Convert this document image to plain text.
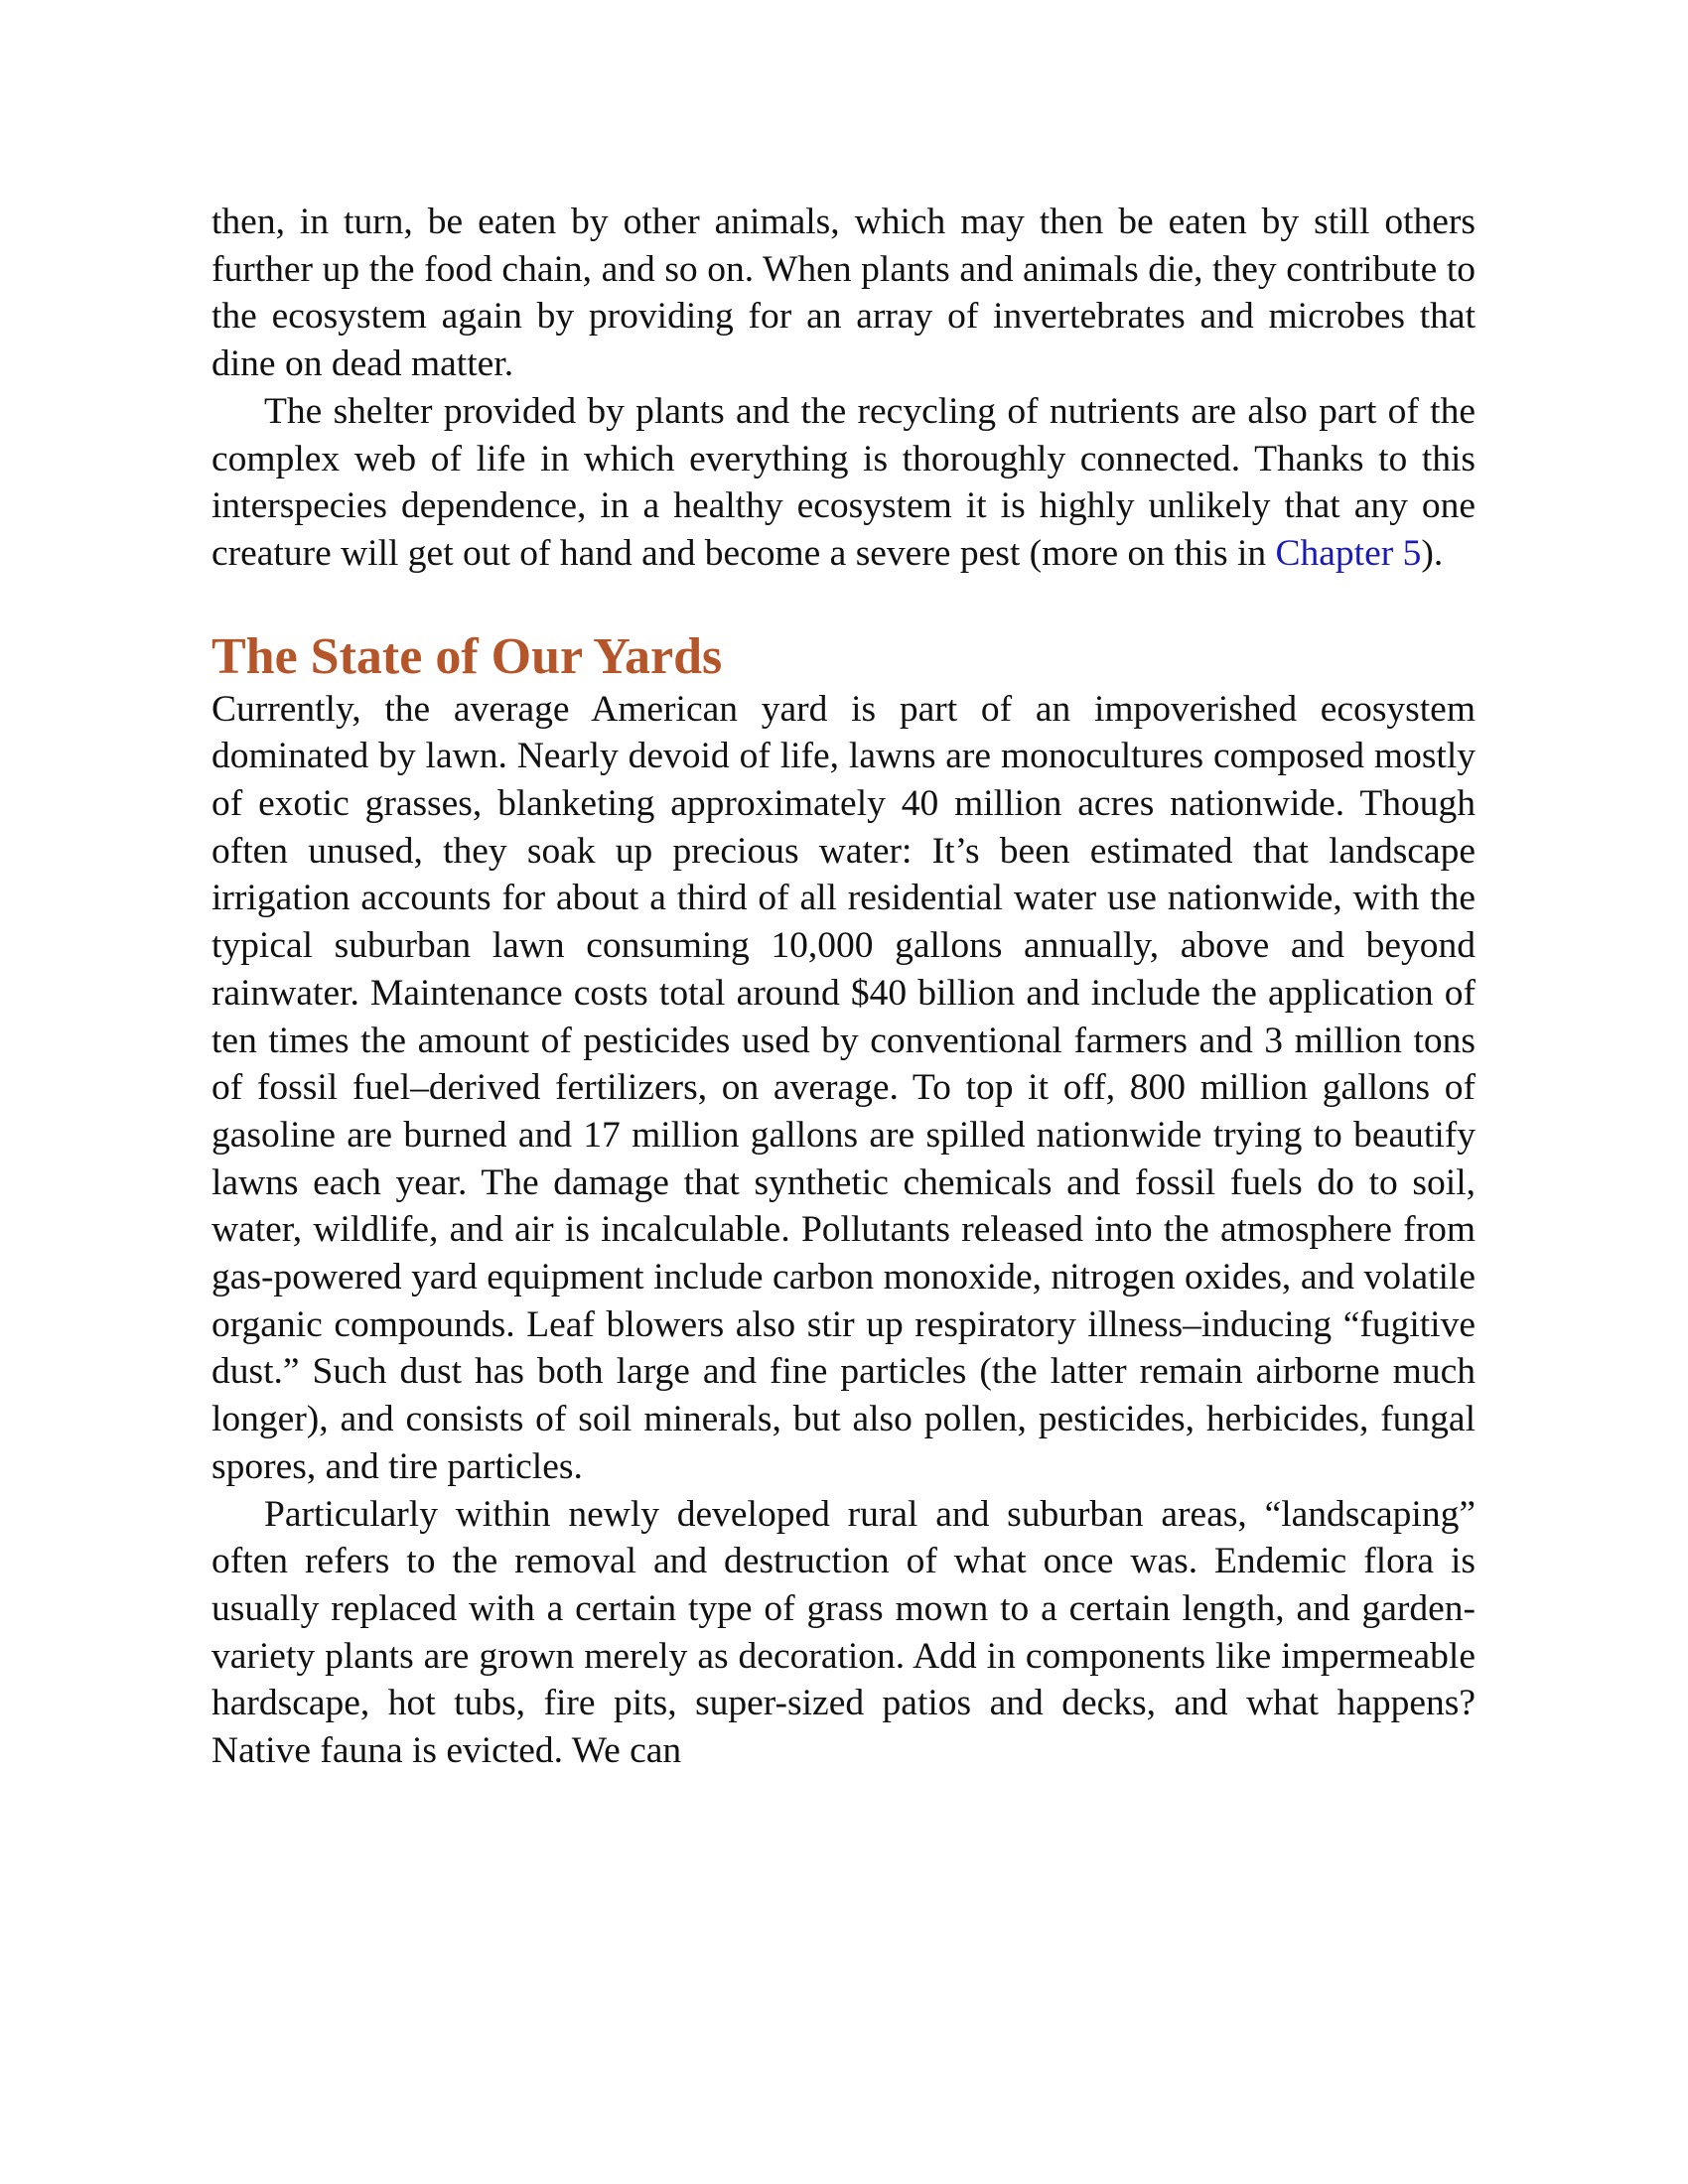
then, in turn, be eaten by other animals, which may then be eaten by still others further up the food chain, and so on. When plants and animals die, they contribute to the ecosystem again by providing for an array of invertebrates and microbes that dine on dead matter.

The shelter provided by plants and the recycling of nutrients are also part of the complex web of life in which everything is thoroughly connected. Thanks to this interspecies dependence, in a healthy ecosystem it is highly unlikely that any one creature will get out of hand and become a severe pest (more on this in Chapter 5).

The State of Our Yards

Currently, the average American yard is part of an impoverished ecosystem dominated by lawn. Nearly devoid of life, lawns are monocultures composed mostly of exotic grasses, blanketing approximately 40 million acres nationwide. Though often unused, they soak up precious water: It’s been estimated that landscape irrigation accounts for about a third of all residential water use nationwide, with the typical suburban lawn consuming 10,000 gallons annually, above and beyond rainwater. Maintenance costs total around $40 billion and include the application of ten times the amount of pesticides used by conventional farmers and 3 million tons of fossil fuel–derived fertilizers, on average. To top it off, 800 million gallons of gasoline are burned and 17 million gallons are spilled nationwide trying to beautify lawns each year. The damage that synthetic chemicals and fossil fuels do to soil, water, wildlife, and air is incalculable. Pollutants released into the atmosphere from gas-powered yard equipment include carbon monoxide, nitrogen oxides, and volatile organic compounds. Leaf blowers also stir up respiratory illness–inducing “fugitive dust.” Such dust has both large and fine particles (the latter remain airborne much longer), and consists of soil minerals, but also pollen, pesticides, herbicides, fungal spores, and tire particles.

Particularly within newly developed rural and suburban areas, “landscaping” often refers to the removal and destruction of what once was. Endemic flora is usually replaced with a certain type of grass mown to a certain length, and garden-variety plants are grown merely as decoration. Add in components like impermeable hardscape, hot tubs, fire pits, super-sized patios and decks, and what happens? Native fauna is evicted. We can
